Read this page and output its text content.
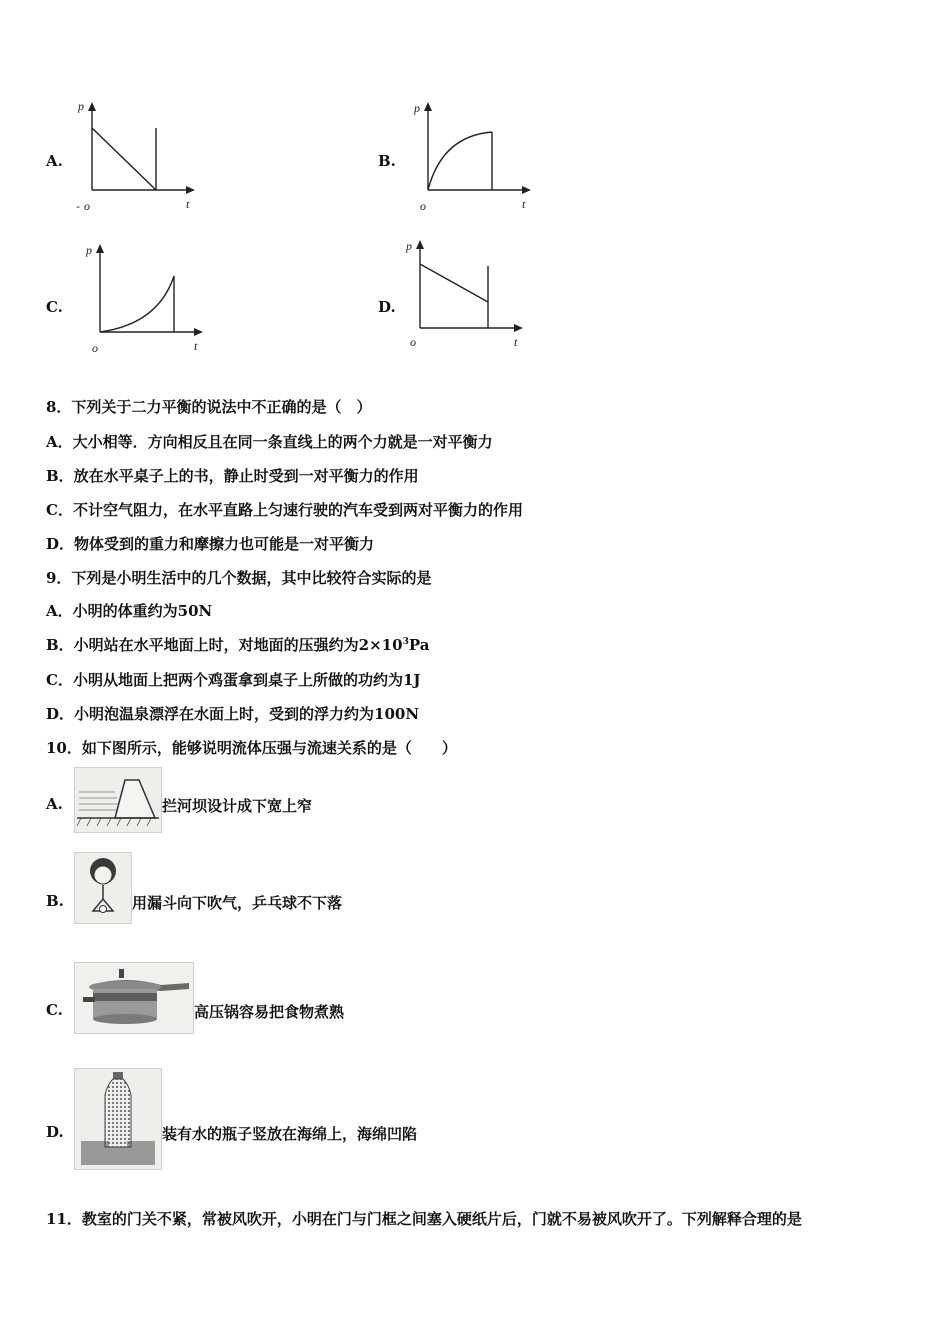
A.
p
- o	t
B.
p
o	t
C.
p
o	t
D.
p
o	t
8．下列关于二力平衡的说法中不正确的是（　）
A．大小相等．方向相反且在同一条直线上的两个力就是一对平衡力
B．放在水平桌子上的书，静止时受到一对平衡力的作用
C．不计空气阻力，在水平直路上匀速行驶的汽车受到两对平衡力的作用
D．物体受到的重力和摩擦力也可能是一对平衡力
9．下列是小明生活中的几个数据，其中比较符合实际的是
A．小明的体重约为50N
B．小明站在水平地面上时，对地面的压强约为$2\times 10^3Pa$
C．小明从地面上把两个鸡蛋拿到桌子上所做的功约为1J
D．小明泡温泉漂浮在水面上时，受到的浮力约为100N
10．如下图所示，能够说明流体压强与流速关系的是（　　）
A.	拦河坝设计成下宽上窄
B.	用漏斗向下吹气，乒乓球不下落
C.	高压锅容易把食物煮熟
D.	装有水的瓶子竖放在海绵上，海绵凹陷
11．教室的门关不紧，常被风吹开，小明在门与门框之间塞入硬纸片后，门就不易被风吹开了。下列解释合理的是
